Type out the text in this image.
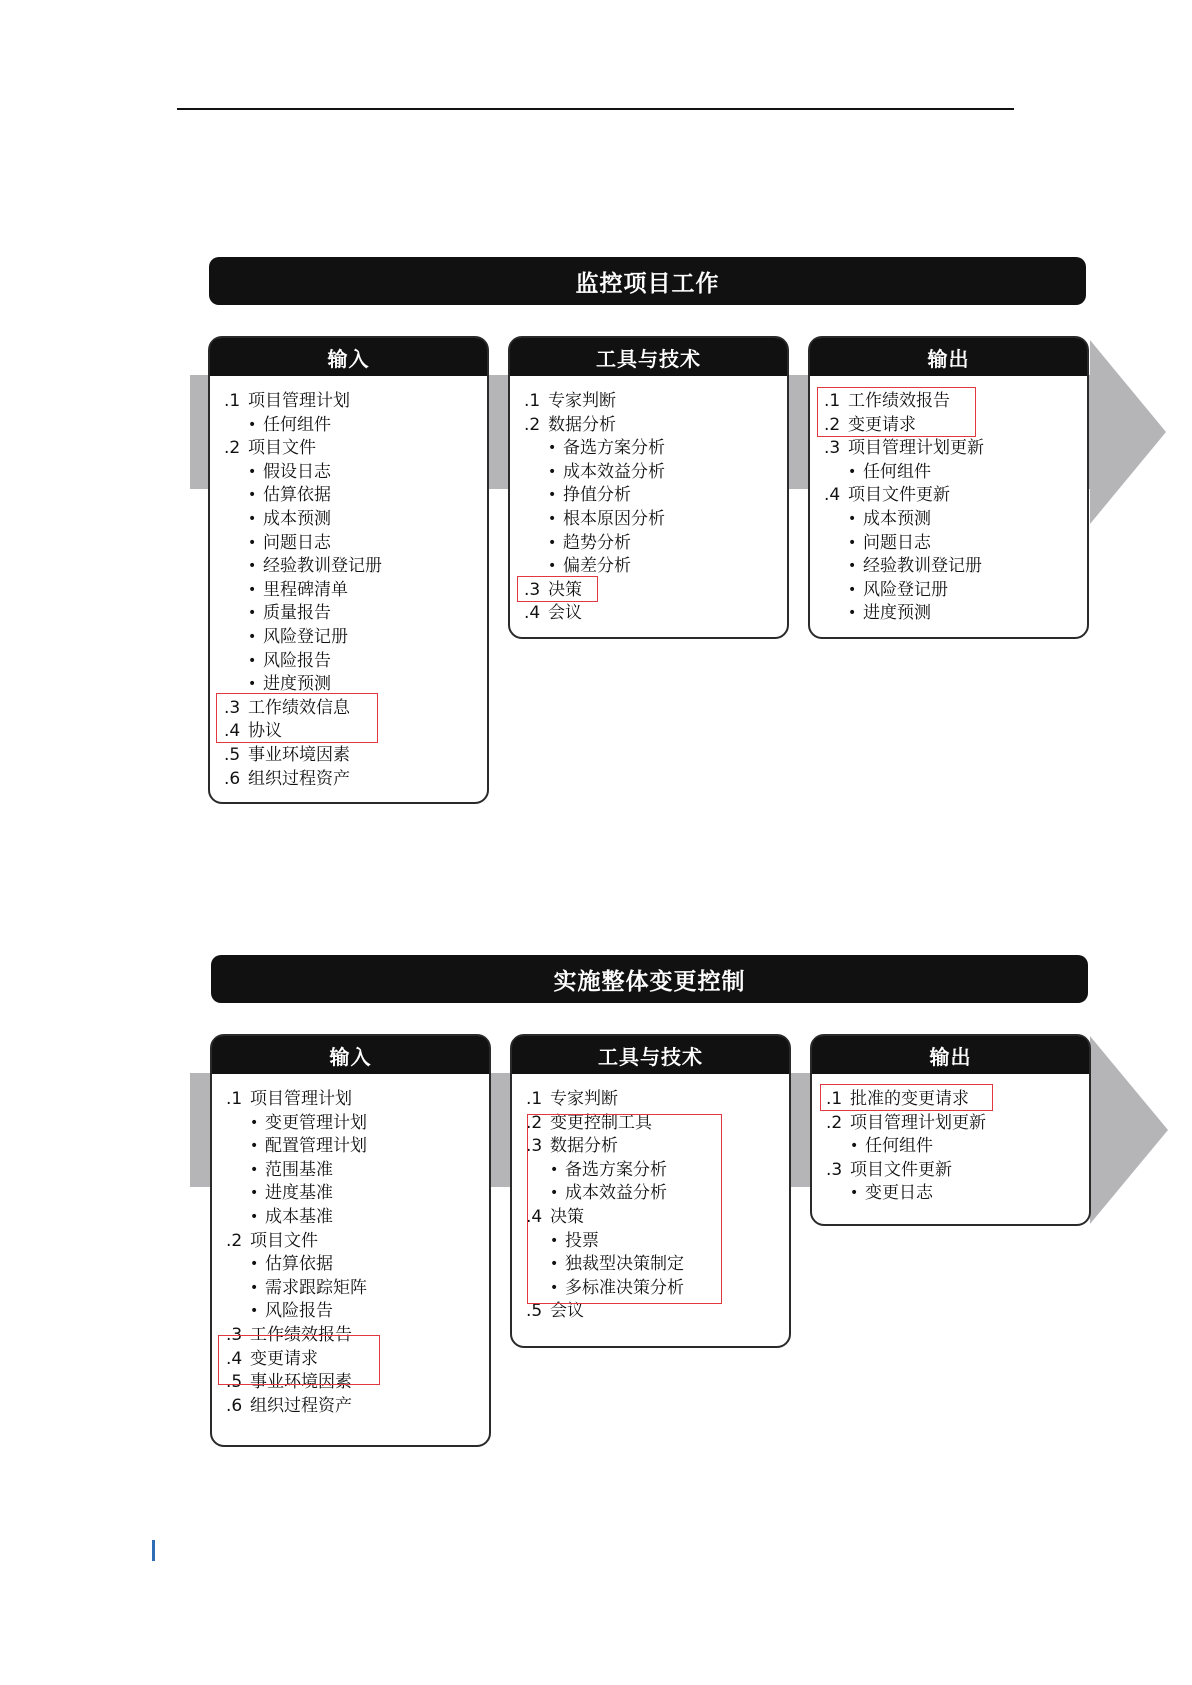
监控项目工作
输入
.1 项目管理计划
• 任何组件
.2 项目文件
• 假设日志
• 估算依据
• 成本预测
• 问题日志
• 经验教训登记册
• 里程碑清单
• 质量报告
• 风险登记册
• 风险报告
• 进度预测
.3 工作绩效信息
.4 协议
.5 事业环境因素
.6 组织过程资产
工具与技术
.1 专家判断
.2 数据分析
• 备选方案分析
• 成本效益分析
• 挣值分析
• 根本原因分析
• 趋势分析
• 偏差分析
.3 决策
.4 会议
输出
.1 工作绩效报告
.2 变更请求
.3 项目管理计划更新
• 任何组件
.4 项目文件更新
• 成本预测
• 问题日志
• 经验教训登记册
• 风险登记册
• 进度预测
实施整体变更控制
输入
.1 项目管理计划
• 变更管理计划
• 配置管理计划
• 范围基准
• 进度基准
• 成本基准
.2 项目文件
• 估算依据
• 需求跟踪矩阵
• 风险报告
.3 工作绩效报告
.4 变更请求
.5 事业环境因素
.6 组织过程资产
工具与技术
.1 专家判断
.2 变更控制工具
.3 数据分析
• 备选方案分析
• 成本效益分析
.4 决策
• 投票
• 独裁型决策制定
• 多标准决策分析
.5 会议
输出
.1 批准的变更请求
.2 项目管理计划更新
• 任何组件
.3 项目文件更新
• 变更日志
